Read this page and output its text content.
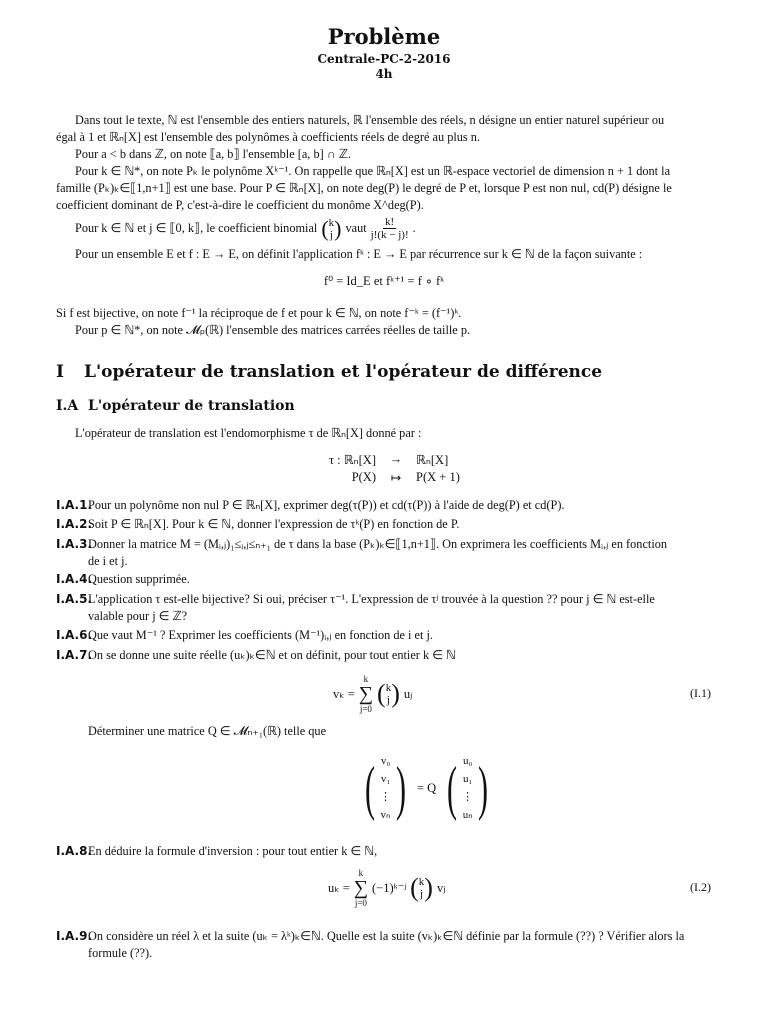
Problème
Centrale-PC-2-2016
4h
Dans tout le texte, ℕ est l'ensemble des entiers naturels, ℝ l'ensemble des réels, n désigne un entier naturel supérieur ou
égal à 1 et ℝₙ[X] est l'ensemble des polynômes à coefficients réels de degré au plus n.
Pour a < b dans ℤ, on note ⟦a, b⟧ l'ensemble [a, b] ∩ ℤ.
Pour k ∈ ℕ*, on note Pₖ le polynôme Xᵏ⁻¹. On rappelle que ℝₙ[X] est un ℝ-espace vectoriel de dimension n + 1 dont la
famille (Pₖ)ₖ∈⟦1,n+1⟧ est une base. Pour P ∈ ℝₙ[X], on note deg(P) le degré de P et, lorsque P est non nul, cd(P) désigne le
coefficient dominant de P, c'est-à-dire le coefficient du monôme X^deg(P).
Pour k ∈ ℕ et j ∈ ⟦0, k⟧, le coefficient binomial ( k
j ) vaut $\frac{k!}{j!(k - j)!}$ .
Pour un ensemble E et f : E → E, on définit l'application fᵏ : E → E par récurrence sur k ∈ ℕ de la façon suivante :
f⁰ = Id_E et fᵏ⁺¹ = f ∘ fᵏ
Si f est bijective, on note f⁻¹ la réciproque de f et pour k ∈ ℕ, on note f⁻ᵏ = (f⁻¹)ᵏ.
Pour p ∈ ℕ*, on note 𝓜ₚ(ℝ) l'ensemble des matrices carrées réelles de taille p.
I L'opérateur de translation et l'opérateur de différence
I.A L'opérateur de translation
L'opérateur de translation est l'endomorphisme τ de ℝₙ[X] donné par :
τ : ℝₙ[X]	→	ℝₙ[X]
P(X)	↦	P(X + 1)
I.A.1.
Pour un polynôme non nul P ∈ ℝₙ[X], exprimer deg(τ(P)) et cd(τ(P)) à l'aide de deg(P) et cd(P).
I.A.2.
Soit P ∈ ℝₙ[X]. Pour k ∈ ℕ, donner l'expression de τᵏ(P) en fonction de P.
I.A.3.
Donner la matrice M = (Mᵢ,ⱼ)₁≤ᵢ,ⱼ≤ₙ₊₁ de τ dans la base (Pₖ)ₖ∈⟦1,n+1⟧. On exprimera les coefficients Mᵢ,ⱼ en fonction
de i et j.
I.A.4.
Question supprimée.
I.A.5.
L'application τ est-elle bijective? Si oui, préciser τ⁻¹. L'expression de τʲ trouvée à la question ?? pour j ∈ ℕ est-elle
valable pour j ∈ ℤ?
I.A.6.
Que vaut M⁻¹ ? Exprimer les coefficients (M⁻¹)ᵢ,ⱼ en fonction de i et j.
I.A.7.
On se donne une suite réelle (uₖ)ₖ∈ℕ et on définit, pour tout entier k ∈ ℕ
vₖ =
k
∑
j=0
( k
j ) uⱼ	(I.1)
Déterminer une matrice Q ∈ 𝓜ₙ₊₁(ℝ) telle que
( v₀
v₁
⋮
vₙ ) = Q ( u₀
u₁
⋮
uₙ )
I.A.8.
En déduire la formule d'inversion : pour tout entier k ∈ ℕ,
uₖ =
k
∑
j=0
(−1)ᵏ⁻ʲ ( k
j ) vⱼ	(I.2)
I.A.9.
On considère un réel λ et la suite (uₖ = λᵏ)ₖ∈ℕ. Quelle est la suite (vₖ)ₖ∈ℕ définie par la formule (??) ? Vérifier alors la
formule (??).
